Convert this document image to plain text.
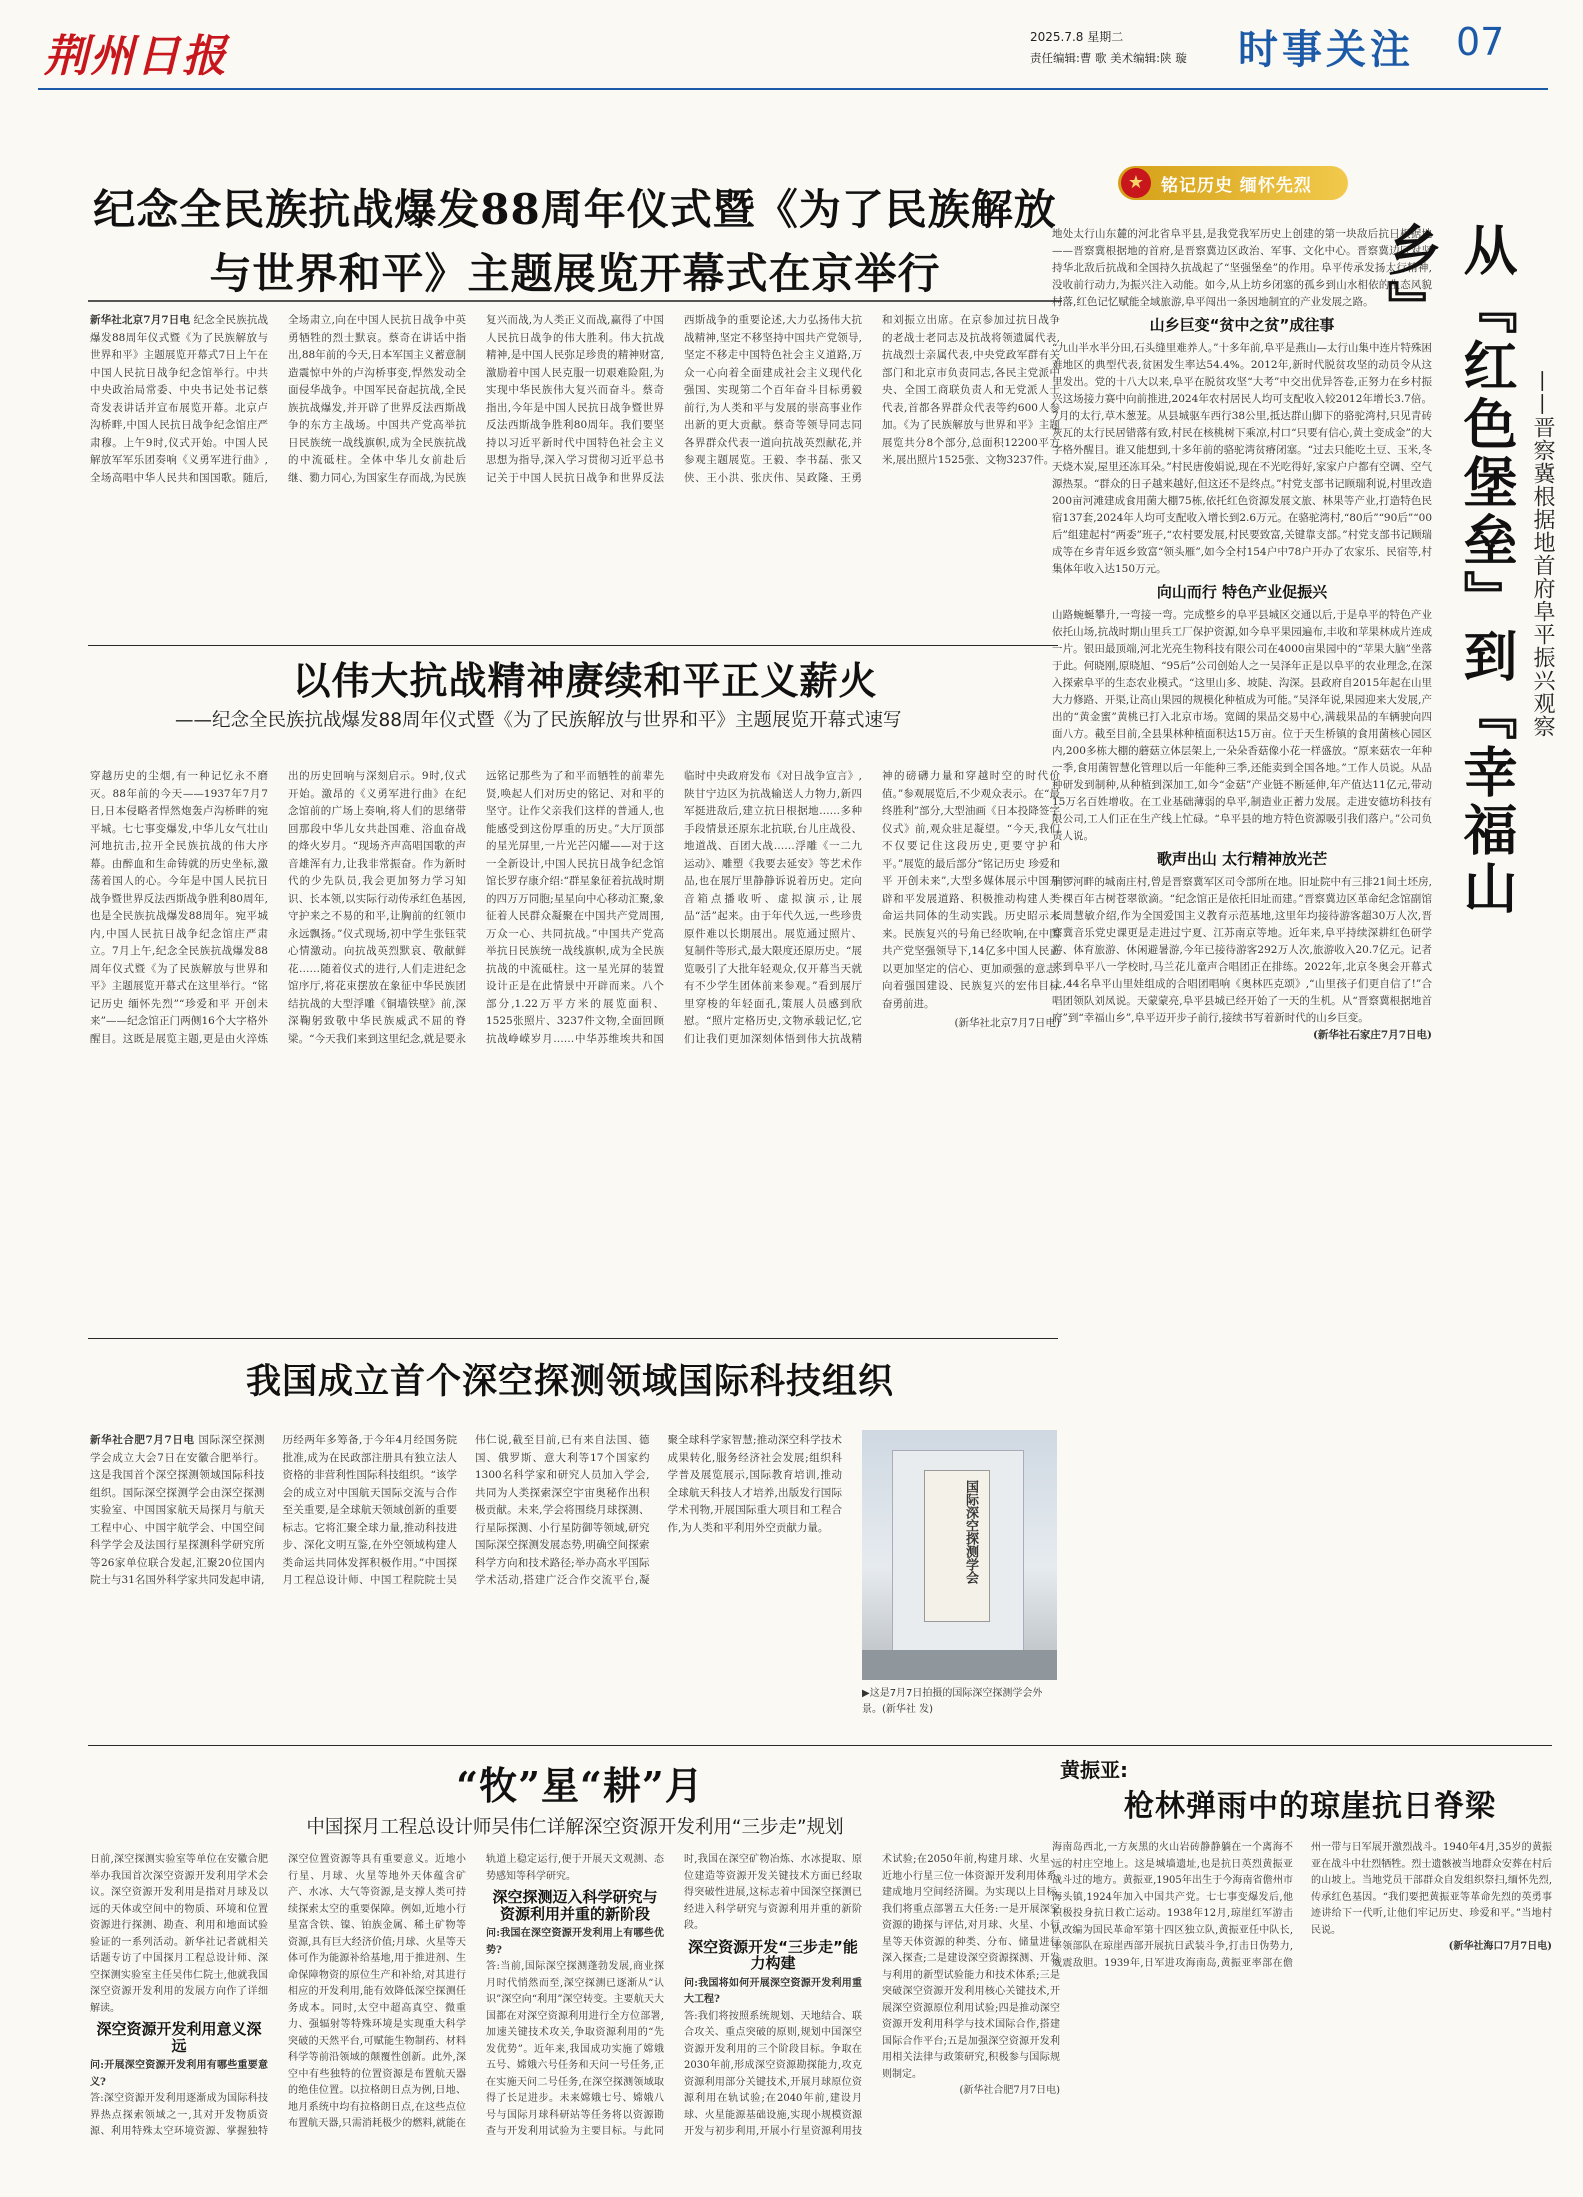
荆州日报	2025.7.8 星期二
责任编辑:曹 歌 美术编辑:陕 璇 时事关注 07
纪念全民族抗战爆发88周年仪式暨《为了民族解放与世界和平》主题展览开幕式在京举行
新华社北京7月7日电 纪念全民族抗战爆发88周年仪式暨《为了民族解放与世界和平》主题展览开幕式7日上午在中国人民抗日战争纪念馆举行。中共中央政治局常委、中央书记处书记蔡奇发表讲话并宣布展览开幕。北京卢沟桥畔,中国人民抗日战争纪念馆庄严肃穆。上午9时,仪式开始。中国人民解放军军乐团奏响《义勇军进行曲》,全场高唱中华人民共和国国歌。随后,全场肃立,向在中国人民抗日战争中英勇牺牲的烈士默哀。蔡奇在讲话中指出,88年前的今天,日本军国主义蓄意制造震惊中外的卢沟桥事变,悍然发动全面侵华战争。中国军民奋起抗战,全民族抗战爆发,并开辟了世界反法西斯战争的东方主战场。中国共产党高举抗日民族统一战线旗帜,成为全民族抗战的中流砥柱。全体中华儿女前赴后继、勠力同心,为国家生存而战,为民族复兴而战,为人类正义而战,赢得了中国人民抗日战争的伟大胜利。伟大抗战精神,是中国人民弥足珍贵的精神财富,激励着中国人民克服一切艰难险阻,为实现中华民族伟大复兴而奋斗。蔡奇指出,今年是中国人民抗日战争暨世界反法西斯战争胜利80周年。我们要坚持以习近平新时代中国特色社会主义思想为指导,深入学习贯彻习近平总书记关于中国人民抗日战争和世界反法西斯战争的重要论述,大力弘扬伟大抗战精神,坚定不移坚持中国共产党领导,坚定不移走中国特色社会主义道路,万众一心向着全面建成社会主义现代化强国、实现第二个百年奋斗目标勇毅前行,为人类和平与发展的崇高事业作出新的更大贡献。蔡奇等领导同志同各界群众代表一道向抗战英烈献花,并参观主题展览。王毅、李书磊、张又侠、王小洪、张庆伟、吴政隆、王勇和刘振立出席。在京参加过抗日战争的老战士老同志及抗战将领遗属代表,抗战烈士亲属代表,中央党政军群有关部门和北京市负责同志,各民主党派中央、全国工商联负责人和无党派人士代表,首都各界群众代表等约600人参加。《为了民族解放与世界和平》主题展览共分8个部分,总面积12200平方米,展出照片1525张、文物3237件。
以伟大抗战精神赓续和平正义薪火
——纪念全民族抗战爆发88周年仪式暨《为了民族解放与世界和平》主题展览开幕式速写
穿越历史的尘烟,有一种记忆永不磨灭。88年前的今天——1937年7月7日,日本侵略者悍然炮轰卢沟桥畔的宛平城。七七事变爆发,中华儿女气壮山河地抗击,拉开全民族抗战的伟大序幕。由醉血和生命铸就的历史坐标,激荡着国人的心。今年是中国人民抗日战争暨世界反法西斯战争胜利80周年,也是全民族抗战爆发88周年。宛平城内,中国人民抗日战争纪念馆庄严肃立。7月上午,纪念全民族抗战爆发88周年仪式暨《为了民族解放与世界和平》主题展览开幕式在这里举行。“铭记历史 缅怀先烈”“珍爱和平 开创未来”——纪念馆正门两侧16个大字格外醒目。这既是展览主题,更是由火淬炼出的历史回响与深刻启示。9时,仪式开始。激昂的《义勇军进行曲》在纪念馆前的广场上奏响,将人们的思绪带回那段中华儿女共赴国难、浴血奋战的烽火岁月。“现场齐声高唱国歌的声音雄浑有力,让我非常振奋。作为新时代的少先队员,我会更加努力学习知识、长本领,以实际行动传承红色基因,守护来之不易的和平,让胸前的红领巾永远飘扬。”仪式现场,初中学生张钰茕心情激动。向抗战英烈默哀、敬献鲜花……随着仪式的进行,人们走进纪念馆序厅,将花束摆放在象征中华民族团结抗战的大型浮雕《铜墙铁壁》前,深深鞠躬致敬中华民族威武不屈的脊梁。“今天我们来到这里纪念,就是要永远铭记那些为了和平而牺牲的前辈先贤,唤起人们对历史的铭记、对和平的坚守。让作父亲我们这样的普通人,也能感受到这份厚重的历史。”大厅顶部的星光屏里,一片光芒闪耀——对于这一全新设计,中国人民抗日战争纪念馆馆长罗存康介绍:“群星象征着抗战时期的四万万同胞;星星向中心移动汇聚,象征着人民群众凝聚在中国共产党周围,万众一心、共同抗战。”中国共产党高举抗日民族统一战线旗帜,成为全民族抗战的中流砥柱。这一星光屏的装置设计正是在此情景中开辟而来。八个部分,1.22万平方米的展览面积、1525张照片、3237件文物,全面回顾抗战峥嵘岁月……中华苏维埃共和国临时中央政府发布《对日战争宣言》,陕甘宁边区为抗战输送人力物力,新四军挺进敌后,建立抗日根据地……多种手段情景还原东北抗联,台儿庄战役、地道战、百团大战……浮雕《一二九运动》、雕塑《我要去延安》等艺术作品,也在展厅里静静诉说着历史。定向音箱点播收听、虚拟演示,让展品“活”起来。由于年代久远,一些珍贵原件难以长期展出。展览通过照片、复制件等形式,最大限度还原历史。“展览吸引了大批年轻观众,仅开幕当天就有不少学生团体前来参观。”看到展厅里穿梭的年轻面孔,策展人员感到欣慰。“照片定格历史,文物承载记忆,它们让我们更加深刻体悟到伟大抗战精神的磅礴力量和穿越时空的时代价值。”参观展览后,不少观众表示。在“最终胜利”部分,大型油画《日本投降签字仪式》前,观众驻足凝望。“今天,我们不仅要记住这段历史,更要守护和平。”展览的最后部分“铭记历史 珍爱和平 开创未来”,大型多媒体展示中国开辟和平发展道路、积极推动构建人类命运共同体的生动实践。历史昭示未来。民族复兴的号角已经吹响,在中国共产党坚强领导下,14亿多中国人民正以更加坚定的信心、更加顽强的意志,向着强国建设、民族复兴的宏伟目标奋勇前进。
(新华社北京7月7日电)
我国成立首个深空探测领域国际科技组织
新华社合肥7月7日电 国际深空探测学会成立大会7日在安徽合肥举行。这是我国首个深空探测领域国际科技组织。国际深空探测学会由深空探测实验室、中国国家航天局探月与航天工程中心、中国宇航学会、中国空间科学学会及法国行星探测科学研究所等26家单位联合发起,汇聚20位国内院士与31名国外科学家共同发起申请,历经两年多筹备,于今年4月经国务院批准,成为在民政部注册具有独立法人资格的非营利性国际科技组织。“该学会的成立对中国航天国际交流与合作至关重要,是全球航天领域创新的重要标志。它将汇聚全球力量,推动科技进步、深化文明互鉴,在外空领域构建人类命运共同体发挥积极作用。”中国探月工程总设计师、中国工程院院士吴伟仁说,截至目前,已有来自法国、德国、俄罗斯、意大利等17个国家约1300名科学家和研究人员加入学会,共同为人类探索深空宇宙奥秘作出积极贡献。未来,学会将围绕月球探测、行星际探测、小行星防御等领域,研究国际深空探测发展态势,明确空间探索科学方向和技术路径;举办高水平国际学术活动,搭建广泛合作交流平台,凝聚全球科学家智慧;推动深空科学技术成果转化,服务经济社会发展;组织科学普及展览展示,国际教育培训,推动全球航天科技人才培养,出版发行国际学术刊物,开展国际重大项目和工程合作,为人类和平利用外空贡献力量。	国际深空探测学会
▶这是7月7日拍摄的国际深空探测学会外景。(新华社 发)
“牧”星“耕”月
中国探月工程总设计师吴伟仁详解深空资源开发利用“三步走”规划
日前,深空探测实验室等单位在安徽合肥举办我国首次深空资源开发利用学术会议。深空资源开发利用是指对月球及以远的天体或空间中的物质、环境和位置资源进行探测、勘查、利用和地面试验验证的一系列活动。新华社记者就相关话题专访了中国探月工程总设计师、深空探测实验室主任吴伟仁院士,他就我国深空资源开发利用的发展方向作了详细解读。
深空资源开发利用意义深远
问:开展深空资源开发利用有哪些重要意义?
答:深空资源开发利用逐渐成为国际科技界热点探索领域之一,其对开发物质资源、利用特殊太空环境资源、掌握独特深空位置资源等具有重要意义。近地小行星、月球、火星等地外天体蕴含矿产、水冰、大气等资源,是支撑人类可持续探索太空的重要保障。例如,近地小行星富含铁、镍、铂族金属、稀土矿物等资源,具有巨大经济价值;月球、火星等天体可作为能源补给基地,用于推进剂、生命保障物资的原位生产和补给,对其进行相应的开发利用,能有效降低深空探测任务成本。同时,太空中超高真空、微重力、强辐射等特殊环境是实现重大科学突破的天然平台,可赋能生物制药、材料科学等前沿领域的颠覆性创新。此外,深空中有些独特的位置资源是布置航天器的绝佳位置。以拉格朗日点为例,日地、地月系统中均有拉格朗日点,在这些点位布置航天器,只需消耗极少的燃料,就能在轨道上稳定运行,便于开展天文观测、态势感知等科学研究。
深空探测迈入科学研究与资源利用并重的新阶段
问:我国在深空资源开发利用上有哪些优势?
答:当前,国际深空探测蓬勃发展,商业探月时代悄然而至,深空探测已逐渐从“认识”深空向“利用”深空转变。主要航天大国都在对深空资源利用进行全方位部署,加速关键技术攻关,争取资源利用的“先发优势”。近年来,我国成功实施了嫦娥五号、嫦娥六号任务和天问一号任务,正在实施天问二号任务,在深空探测领域取得了长足进步。未来嫦娥七号、嫦娥八号与国际月球科研站等任务将以资源勘查与开发利用试验为主要目标。与此同时,我国在深空矿物冶炼、水冰提取、原位建造等资源开发关键技术方面已经取得突破性进展,这标志着中国深空探测已经进入科学研究与资源利用并重的新阶段。
深空资源开发“三步走”能力构建
问:我国将如何开展深空资源开发利用重大工程?
答:我们将按照系统规划、天地结合、联合攻关、重点突破的原则,规划中国深空资源开发利用的三个阶段目标。争取在2030年前,形成深空资源勘探能力,攻克资源利用部分关键技术,开展月球原位资源利用在轨试验;在2040年前,建设月球、火星能源基础设施,实现小规模资源开发与初步利用,开展小行星资源利用技术试验;在2050年前,构建月球、火星、近地小行星三位一体资源开发利用体系,建成地月空间经济圈。为实现以上目标,我们将重点部署五大任务:一是开展深空资源的勘探与评估,对月球、火星、小行星等天体资源的种类、分布、储量进行深入探查;二是建设深空资源探测、开发与利用的新型试验能力和技术体系;三是突破深空资源开发利用核心关键技术,开展深空资源原位利用试验;四是推动深空资源开发利用科学与技术国际合作,搭建国际合作平台;五是加强深空资源开发利用相关法律与政策研究,积极参与国际规则制定。
(新华社合肥7月7日电)
★ 铭记历史 缅怀先烈
地处太行山东麓的河北省阜平县,是我党我军历史上创建的第一块敌后抗日根据地——晋察冀根据地的首府,是晋察冀边区政治、军事、文化中心。晋察冀边区对坚持华北敌后抗战和全国持久抗战起了“坚强堡垒”的作用。阜平传承发扬太行精神,没收前行动力,为振兴注入动能。如今,从上坊乡闭塞的孤乡到山水相依的生态风貌村落,红色记忆赋能全域旅游,阜平闯出一条因地制宜的产业发展之路。
山乡巨变“贫中之贫”成往事
“九山半水半分田,石头缝里难养人。”十多年前,阜平是燕山—太行山集中连片特殊困难地区的典型代表,贫困发生率达54.4%。2012年,新时代脱贫攻坚的动员令从这里发出。党的十八大以来,阜平在脱贫攻坚“大考”中交出优异答卷,正努力在乡村振兴这场接力赛中向前推进,2024年农村居民人均可支配收入较2012年增长3.7倍。7月的太行,草木葱茏。从县城驱车西行38公里,抵达群山脚下的骆驼湾村,只见青砖灰瓦的太行民居错落有致,村民在核桃树下乘凉,村口“只要有信心,黄土变成金”的大字格外醒目。谁又能想到,十多年前的骆驼湾贫瘠闭塞。“过去只能吃土豆、玉米,冬天烧木炭,屋里还冻耳朵。”村民唐俊娟说,现在不光吃得好,家家户户都有空调、空气源热泵。“群众的日子越来越好,但这还不是终点。”村党支部书记顾瑞利说,村里改造200亩河滩建成食用菌大棚75栋,依托红色资源发展文旅、林果等产业,打造特色民宿137套,2024年人均可支配收入增长到2.6万元。在骆驼湾村,“80后”“90后”“00后”组建起村“两委”班子,“农村要发展,村民要致富,关键靠支部。”村党支部书记顾瑞成等在乡青年返乡致富“领头雁”,如今全村154户中78户开办了农家乐、民宿等,村集体年收入达150万元。
向山而行 特色产业促振兴
山路蜿蜒攀升,一弯接一弯。完成整乡的阜平县城区交通以后,于是阜平的特色产业依托山场,抗战时期山里兵工厂保护资源,如今阜平果园遍布,丰收和苹果林成片连成一片。银田最顶端,河北光亮生物科技有限公司在4000亩果园中的“苹果大脑”坐落于此。何晓刚,原晓旭、“95后”公司创始人之一吴泽年正是以阜平的农业理念,在深入探索阜平的生态农业模式。“这里山多、坡陡、沟深。县政府自2015年起在山里大力修路、开渠,让高山果园的规模化种植成为可能。”吴泽年说,果园迎来大发展,产出的“黄金蜜”黄桃已打入北京市场。宽阔的果品交易中心,满载果品的车辆驶向四面八方。截至目前,全县果林种植面积达15万亩。位于天生桥镇的食用菌核心园区内,200多栋大棚的蘑菇立体层架上,一朵朵香菇像小花一样盛放。“原来菇农一年种一季,食用菌智慧化管理以后一年能种三季,还能卖到全国各地。”工作人员说。从品种研发到制种,从种植到深加工,如今“金菇”产业链不断延伸,年产值达11亿元,带动15万名百姓增收。在工业基础薄弱的阜平,制造业正蓄力发展。走进安德坊科技有限公司,工人们正在生产线上忙碌。“阜平县的地方特色资源吸引我们落户。”公司负责人说。
歌声出山 太行精神放光芒
铜锣河畔的城南庄村,曾是晋察冀军区司令部所在地。旧址院中有三排21间土坯房,一棵百年古树苍翠欲滴。“纪念馆正是依托旧址而建。”晋察冀边区革命纪念馆副馆长周慧敏介绍,作为全国爱国主义教育示范基地,这里年均接待游客超30万人次,晋察冀音乐党史课更是走进过宁夏、江苏南京等地。近年来,阜平持续深耕红色研学游、体育旅游、休闲避暑游,今年已接待游客292万人次,旅游收入20.7亿元。记者来到阜平八一学校时,马兰花儿童声合唱团正在排练。2022年,北京冬奥会开幕式上,44名阜平山里娃组成的合唱团唱响《奥林匹克颂》,“山里孩子们更自信了!”合唱团领队刘凤说。天蒙蒙亮,阜平县城已经开始了一天的生机。从“晋察冀根据地首府”到“幸福山乡”,阜平迈开步子前行,接续书写着新时代的山乡巨变。
(新华社石家庄7月7日电)
从『红色堡垒』到『幸福山乡』
——晋察冀根据地首府阜平振兴观察
黄振亚:
枪林弹雨中的琼崖抗日脊梁
海南岛西北,一方灰黑的火山岩砖静静躺在一个离海不远的村庄空地上。这是城墙遗址,也是抗日英烈黄振亚战斗过的地方。黄振亚,1905年出生于今海南省儋州市海头镇,1924年加入中国共产党。七七事变爆发后,他积极投身抗日救亡运动。1938年12月,琼崖红军游击队改编为国民革命军第十四区独立队,黄振亚任中队长,率领部队在琼崖西部开展抗日武装斗争,打击日伪势力,威震敌胆。1939年,日军进攻海南岛,黄振亚率部在儋州一带与日军展开激烈战斗。1940年4月,35岁的黄振亚在战斗中壮烈牺牲。烈士遗骸被当地群众安葬在村后的山坡上。当地党员干部群众自发组织祭扫,缅怀先烈,传承红色基因。“我们要把黄振亚等革命先烈的英勇事迹讲给下一代听,让他们牢记历史、珍爱和平。”当地村民说。
(新华社海口7月7日电)
